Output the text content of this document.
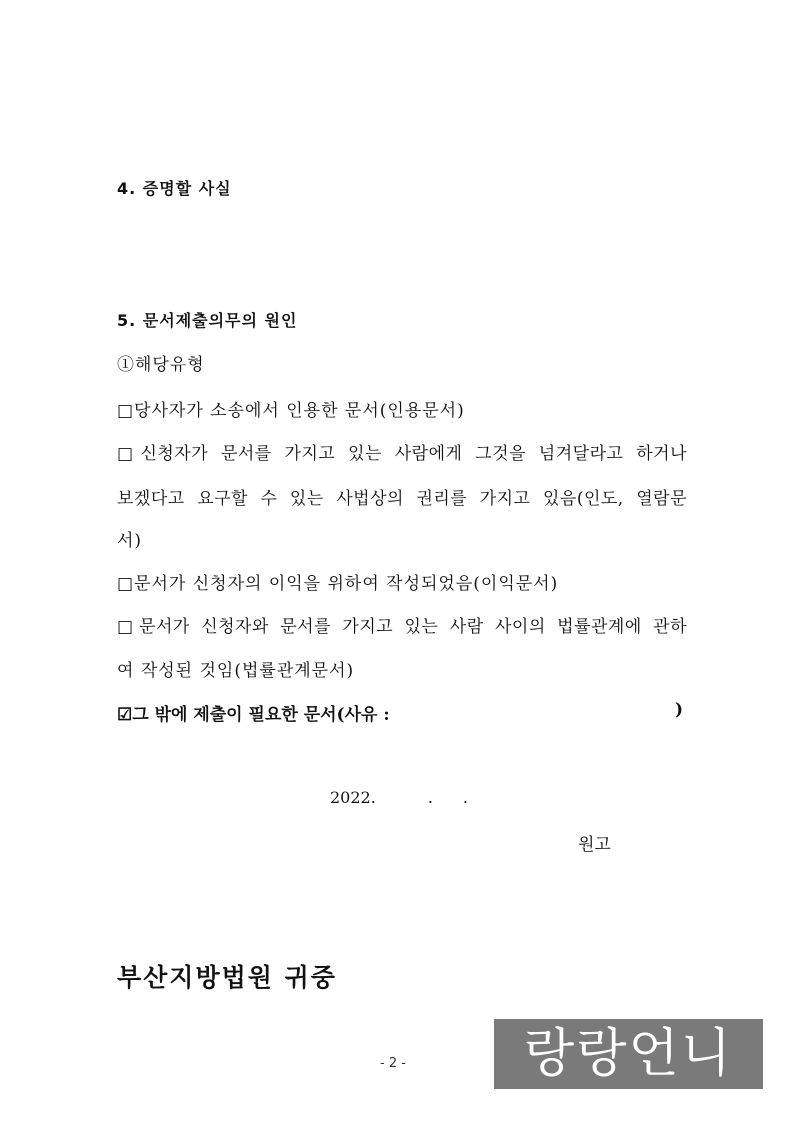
4. 증명할 사실
5. 문서제출의무의 원인
①해당유형
□당사자가 소송에서 인용한 문서(인용문서)
□신청자가 문서를 가지고 있는 사람에게 그것을 넘겨달라고 하거나
보겠다고 요구할 수 있는 사법상의 권리를 가지고 있음(인도, 열람문
서)
□문서가 신청자의 이익을 위하여 작성되었음(이익문서)
□문서가 신청자와 문서를 가지고 있는 사람 사이의 법률관계에 관하
여 작성된 것임(법률관계문서)
☑그 밖에 제출이 필요한 문서(사유 :	)
2022.	. .
원고
부산지방법원 귀중
- 2 -	랑랑언니
